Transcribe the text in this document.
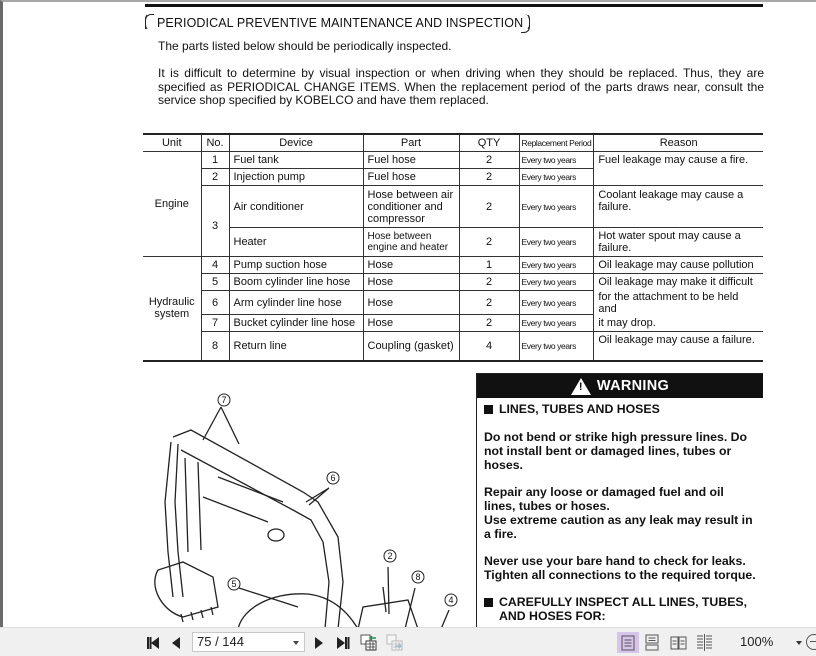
PERIODICAL PREVENTIVE MAINTENANCE AND INSPECTION
The parts listed below should be periodically inspected.
It is difficult to determine by visual inspection or when driving when they should be replaced. Thus, they are specified as PERIODICAL CHANGE ITEMS. When the replacement period of the parts draws near, consult the service shop specified by KOBELCO and have them replaced.
Unit	No.	Device	Part	QTY	Replacement Period	Reason
Engine	1	Fuel tank	Fuel hose	2	Every two years	Fuel leakage may cause a fire.
	2	Injection pump	Fuel hose	2	Every two years	
	3	Air conditioner	Hose between air conditioner and compressor	2	Every two years	Coolant leakage may cause a failure.
		Heater	Hose between engine and heater	2	Every two years	Hot water spout may cause a failure.
Hydraulic system	4	Pump suction hose	Hose	1	Every two years	Oil leakage may cause pollution
	5	Boom cylinder line hose	Hose	2	Every two years	Oil leakage may make it difficult
	6	Arm cylinder line hose	Hose	2	Every two years	for the attachment to be held and
	7	Bucket cylinder line hose	Hose	2	Every two years	it may drop.
	8	Return line	Coupling (gasket)	4	Every two years	Oil leakage may cause a failure.
7
6
2
8
5
4
! WARNING
LINES, TUBES AND HOSES

Do not bend or strike high pressure lines. Do not install bent or damaged lines, tubes or hoses.

Repair any loose or damaged fuel and oil lines, tubes or hoses.

Use extreme caution as any leak may result in a fire.

Never use your bare hand to check for leaks. Tighten all connections to the required torque.

CAREFULLY INSPECT ALL LINES, TUBES, AND HOSES FOR:
75 / 144	100%
